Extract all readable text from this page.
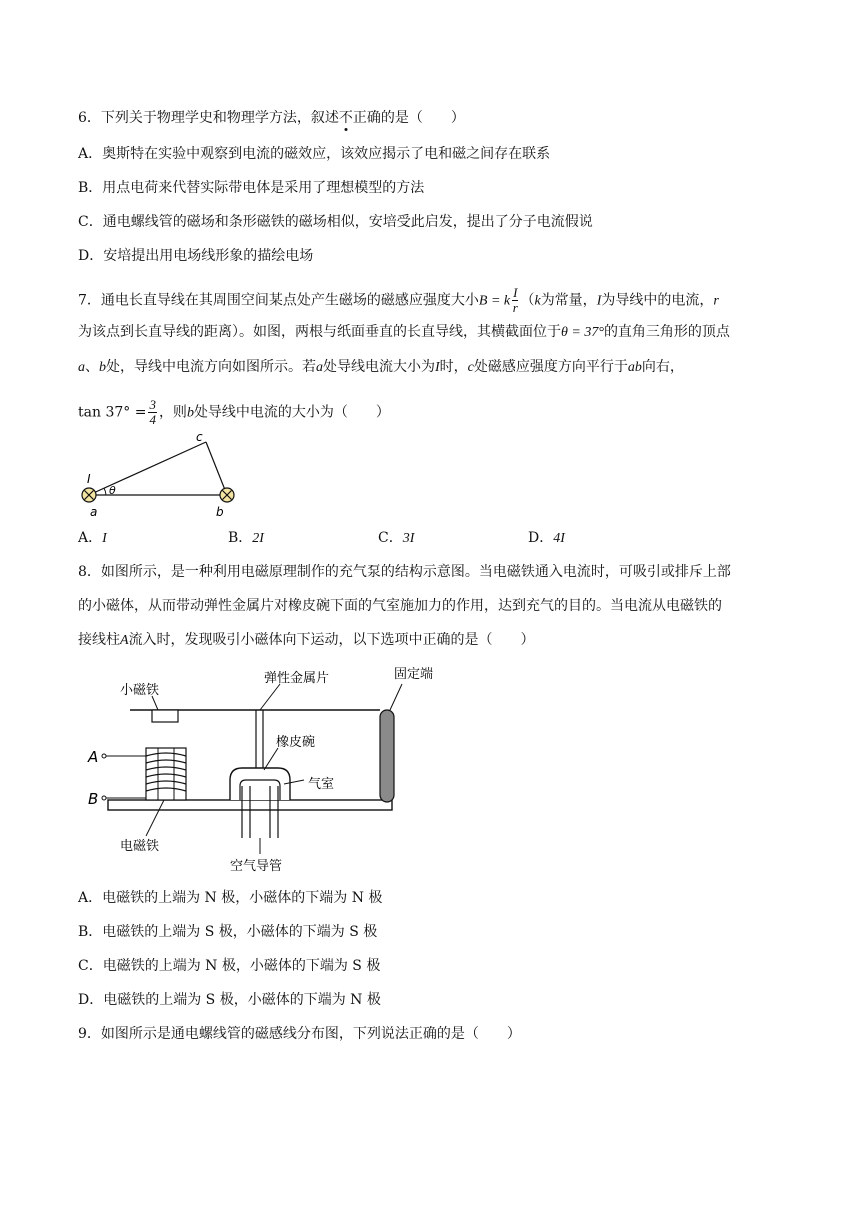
6．下列关于物理学史和物理学方法，叙述不正确的是（　　）
A．奥斯特在实验中观察到电流的磁效应，该效应揭示了电和磁之间存在联系
B．用点电荷来代替实际带电体是采用了理想模型的方法
C．通电螺线管的磁场和条形磁铁的磁场相似，安培受此启发，提出了分子电流假说
D．安培提出用电场线形象的描绘电场
7．通电长直导线在其周围空间某点处产生磁场的磁感应强度大小B = k $\frac{I}{r} (k$为常量，I为导线中的电流，r
为该点到长直导线的距离）。如图，两根与纸面垂直的长直导线，其横截面位于θ = 37°的直角三角形的顶点
a、b处，导线中电流方向如图所示。若a处导线电流大小为I时，c处磁感应强度方向平行于ab向右，
$\tan 37^\circ = \frac{3}{4}$ ，则b处导线中电流的大小为（　　）
c
I
θ
a	b
A．I	B．2I	C．3I	D．4I
8．如图所示，是一种利用电磁原理制作的充气泵的结构示意图。当电磁铁通入电流时，可吸引或排斥上部
的小磁体，从而带动弹性金属片对橡皮碗下面的气室施加力的作用，达到充气的目的。当电流从电磁铁的
接线柱A流入时，发现吸引小磁体向下运动，以下选项中正确的是（　　）
小磁铁
弹性金属片	固定端
橡皮碗
气室
A
B
电磁铁
空气导管
A．电磁铁的上端为 N 极，小磁体的下端为 N 极
B．电磁铁的上端为 S 极，小磁体的下端为 S 极
C．电磁铁的上端为 N 极，小磁体的下端为 S 极
D．电磁铁的上端为 S 极，小磁体的下端为 N 极
9．如图所示是通电螺线管的磁感线分布图，下列说法正确的是（　　）
